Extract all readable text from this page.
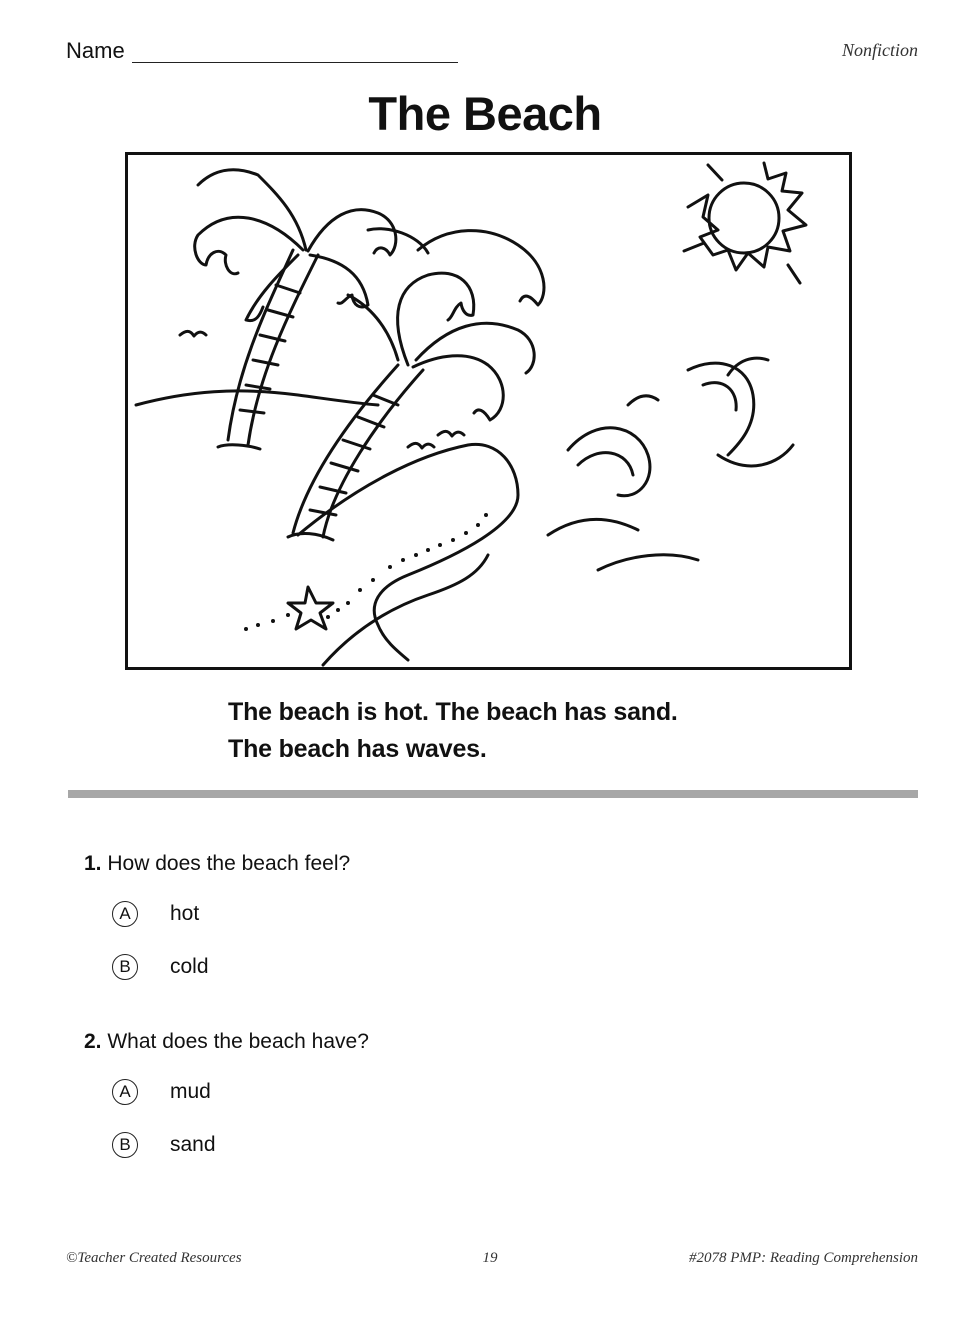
Name	Nonfiction
The Beach
The beach is hot. The beach has sand.
The beach has waves.
1. How does the beach feel?
A	hot
B	cold
2. What does the beach have?
A	mud
B	sand
©Teacher Created Resources	19	#2078 PMP: Reading Comprehension
